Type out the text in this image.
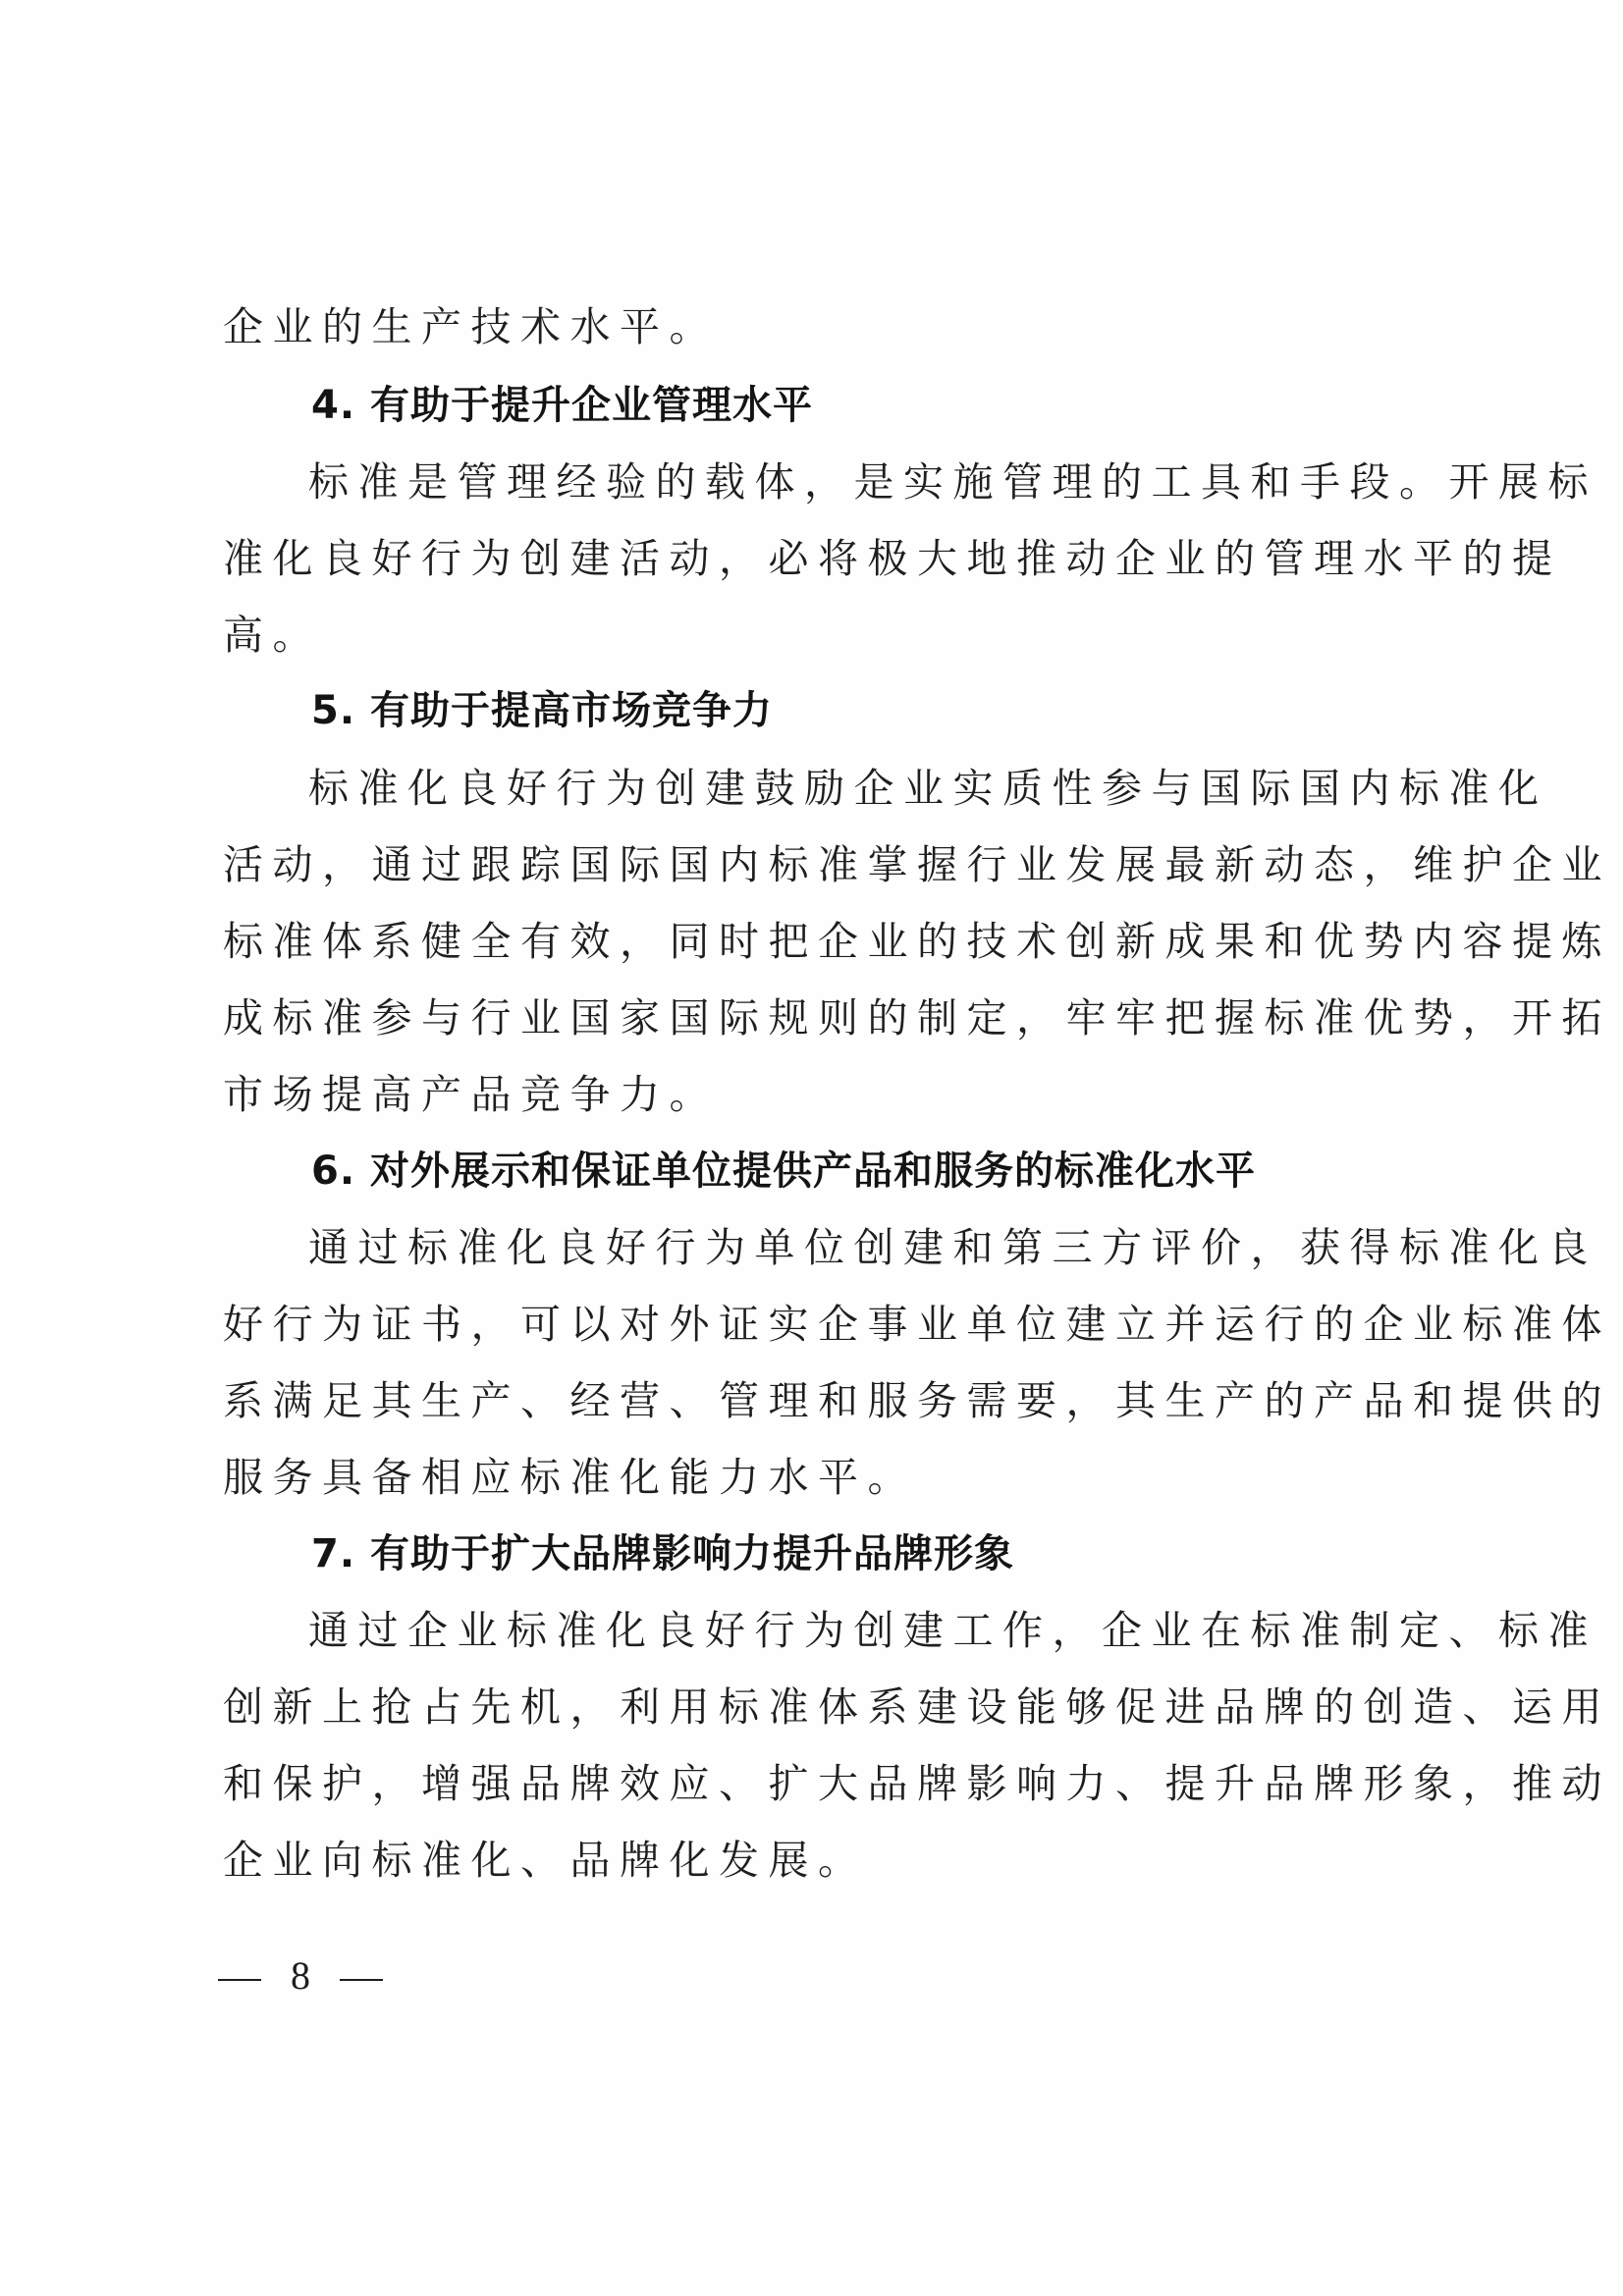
企业的生产技术水平。
4. 有助于提升企业管理水平
标准是管理经验的载体，是实施管理的工具和手段。开展标
准化良好行为创建活动，必将极大地推动企业的管理水平的提
高。
5. 有助于提高市场竞争力
标准化良好行为创建鼓励企业实质性参与国际国内标准化
活动，通过跟踪国际国内标准掌握行业发展最新动态，维护企业
标准体系健全有效，同时把企业的技术创新成果和优势内容提炼
成标准参与行业国家国际规则的制定，牢牢把握标准优势，开拓
市场提高产品竞争力。
6. 对外展示和保证单位提供产品和服务的标准化水平
通过标准化良好行为单位创建和第三方评价，获得标准化良
好行为证书，可以对外证实企事业单位建立并运行的企业标准体
系满足其生产、经营、管理和服务需要，其生产的产品和提供的
服务具备相应标准化能力水平。
7. 有助于扩大品牌影响力提升品牌形象
通过企业标准化良好行为创建工作，企业在标准制定、标准
创新上抢占先机，利用标准体系建设能够促进品牌的创造、运用
和保护，增强品牌效应、扩大品牌影响力、提升品牌形象，推动
企业向标准化、品牌化发展。
8
